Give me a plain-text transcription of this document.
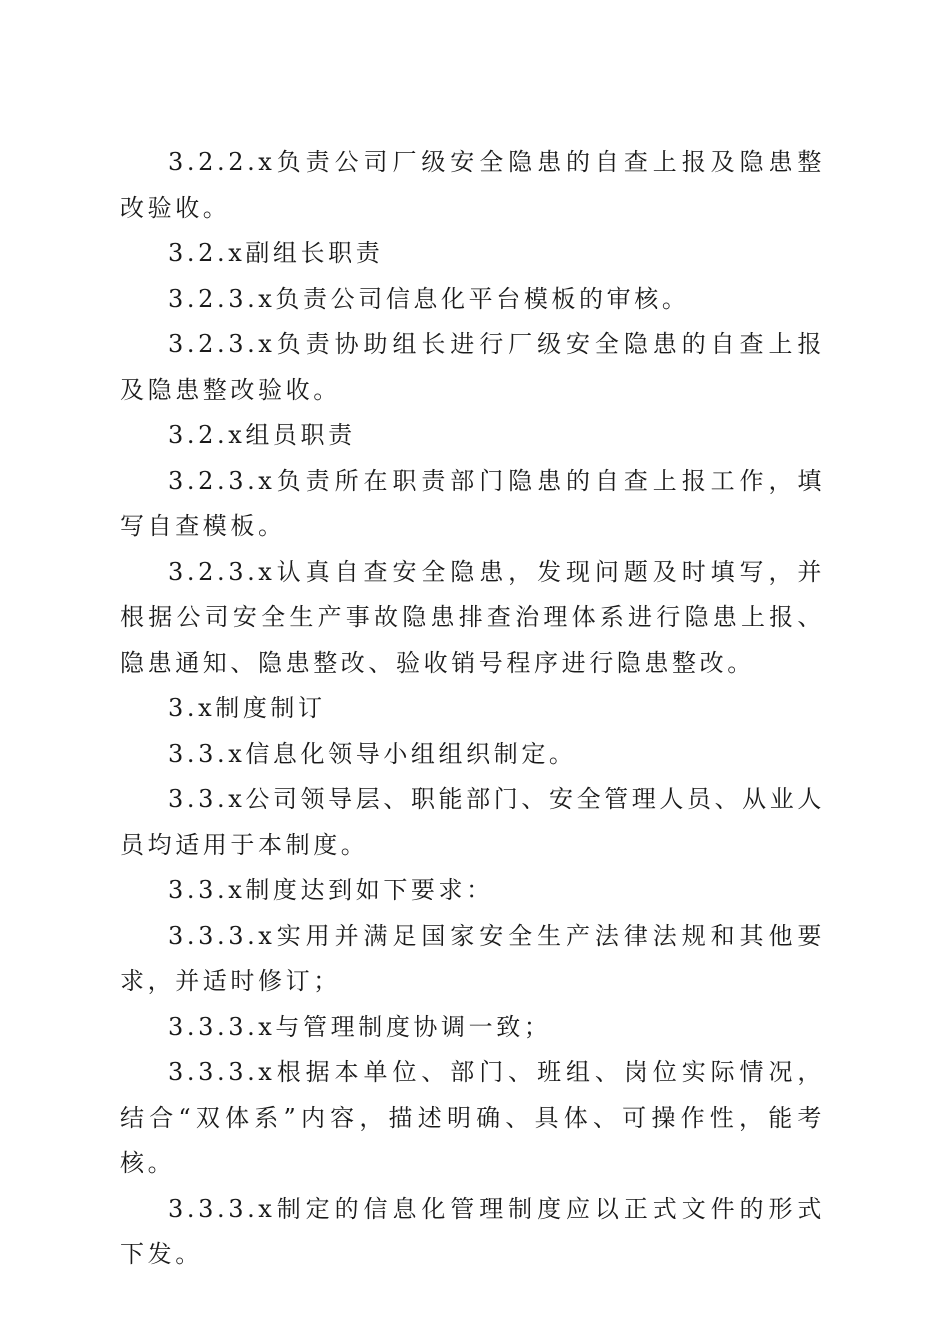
3.2.2.x负责公司厂级安全隐患的自查上报及隐患整改验收。

3.2.x副组长职责

3.2.3.x负责公司信息化平台模板的审核。

3.2.3.x负责协助组长进行厂级安全隐患的自查上报及隐患整改验收。

3.2.x组员职责

3.2.3.x负责所在职责部门隐患的自查上报工作，填写自查模板。

3.2.3.x认真自查安全隐患，发现问题及时填写，并根据公司安全生产事故隐患排查治理体系进行隐患上报、隐患通知、隐患整改、验收销号程序进行隐患整改。

3.x制度制订

3.3.x信息化领导小组组织制定。

3.3.x公司领导层、职能部门、安全管理人员、从业人员均适用于本制度。

3.3.x制度达到如下要求：

3.3.3.x实用并满足国家安全生产法律法规和其他要求，并适时修订；

3.3.3.x与管理制度协调一致；

3.3.3.x根据本单位、部门、班组、岗位实际情况，结合“双体系”内容，描述明确、具体、可操作性，能考核。

3.3.3.x制定的信息化管理制度应以正式文件的形式下发。
